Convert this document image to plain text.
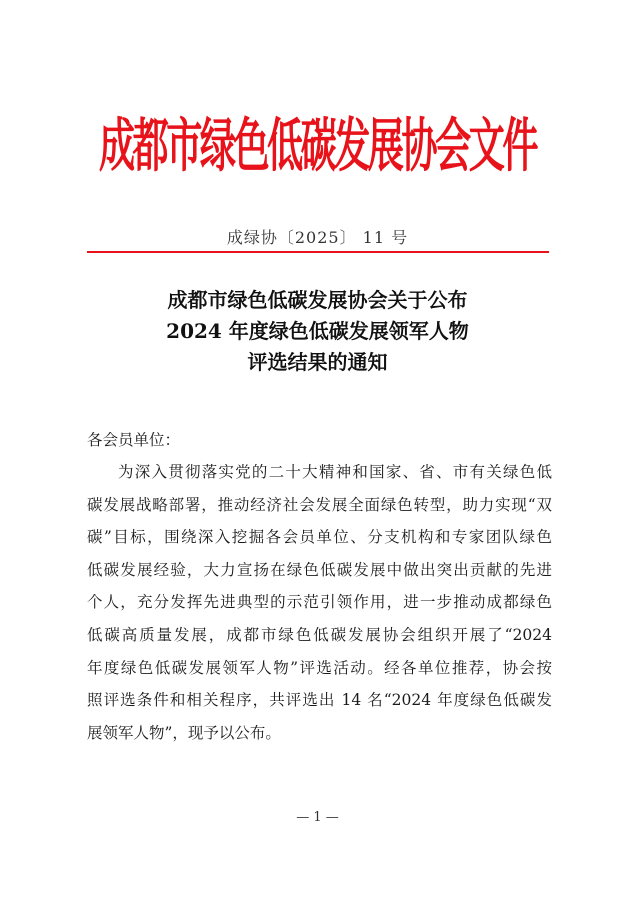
成都市绿色低碳发展协会文件
成绿协〔2025〕 11 号
成都市绿色低碳发展协会关于公布
2024 年度绿色低碳发展领军人物
评选结果的通知
各会员单位：
为深入贯彻落实党的二十大精神和国家、省、市有关绿色低
碳发展战略部署，推动经济社会发展全面绿色转型，助力实现“双
碳”目标，围绕深入挖掘各会员单位、分支机构和专家团队绿色
低碳发展经验，大力宣扬在绿色低碳发展中做出突出贡献的先进
个人，充分发挥先进典型的示范引领作用，进一步推动成都绿色
低碳高质量发展，成都市绿色低碳发展协会组织开展了“2024
年度绿色低碳发展领军人物”评选活动。经各单位推荐，协会按
照评选条件和相关程序，共评选出 14 名“2024 年度绿色低碳发
展领军人物”，现予以公布。
— 1 —
